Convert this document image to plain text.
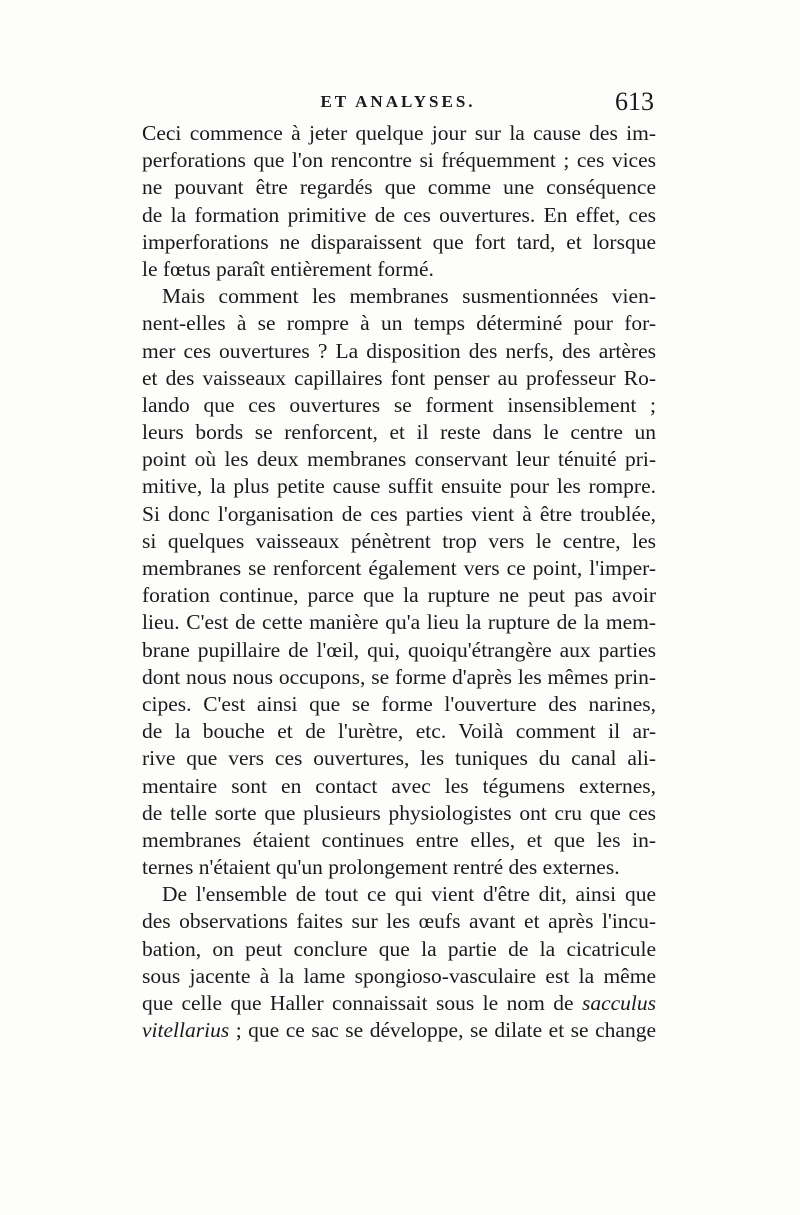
ET ANALYSES.	613
Ceci commence à jeter quelque jour sur la cause des im-
perforations que l'on rencontre si fréquemment ; ces vices
ne pouvant être regardés que comme une conséquence
de la formation primitive de ces ouvertures. En effet, ces
imperforations ne disparaissent que fort tard, et lorsque
le fœtus paraît entièrement formé.
Mais comment les membranes susmentionnées vien-
nent-elles à se rompre à un temps déterminé pour for-
mer ces ouvertures ? La disposition des nerfs, des artères
et des vaisseaux capillaires font penser au professeur Ro-
lando que ces ouvertures se forment insensiblement ;
leurs bords se renforcent, et il reste dans le centre un
point où les deux membranes conservant leur ténuité pri-
mitive, la plus petite cause suffit ensuite pour les rompre.
Si donc l'organisation de ces parties vient à être troublée,
si quelques vaisseaux pénètrent trop vers le centre, les
membranes se renforcent également vers ce point, l'imper-
foration continue, parce que la rupture ne peut pas avoir
lieu. C'est de cette manière qu'a lieu la rupture de la mem-
brane pupillaire de l'œil, qui, quoiqu'étrangère aux parties
dont nous nous occupons, se forme d'après les mêmes prin-
cipes. C'est ainsi que se forme l'ouverture des narines,
de la bouche et de l'urètre, etc. Voilà comment il ar-
rive que vers ces ouvertures, les tuniques du canal ali-
mentaire sont en contact avec les tégumens externes,
de telle sorte que plusieurs physiologistes ont cru que ces
membranes étaient continues entre elles, et que les in-
ternes n'étaient qu'un prolongement rentré des externes.
De l'ensemble de tout ce qui vient d'être dit, ainsi que
des observations faites sur les œufs avant et après l'incu-
bation, on peut conclure que la partie de la cicatricule
sous jacente à la lame spongioso-vasculaire est la même
que celle que Haller connaissait sous le nom de sacculus
vitellarius ; que ce sac se développe, se dilate et se change
